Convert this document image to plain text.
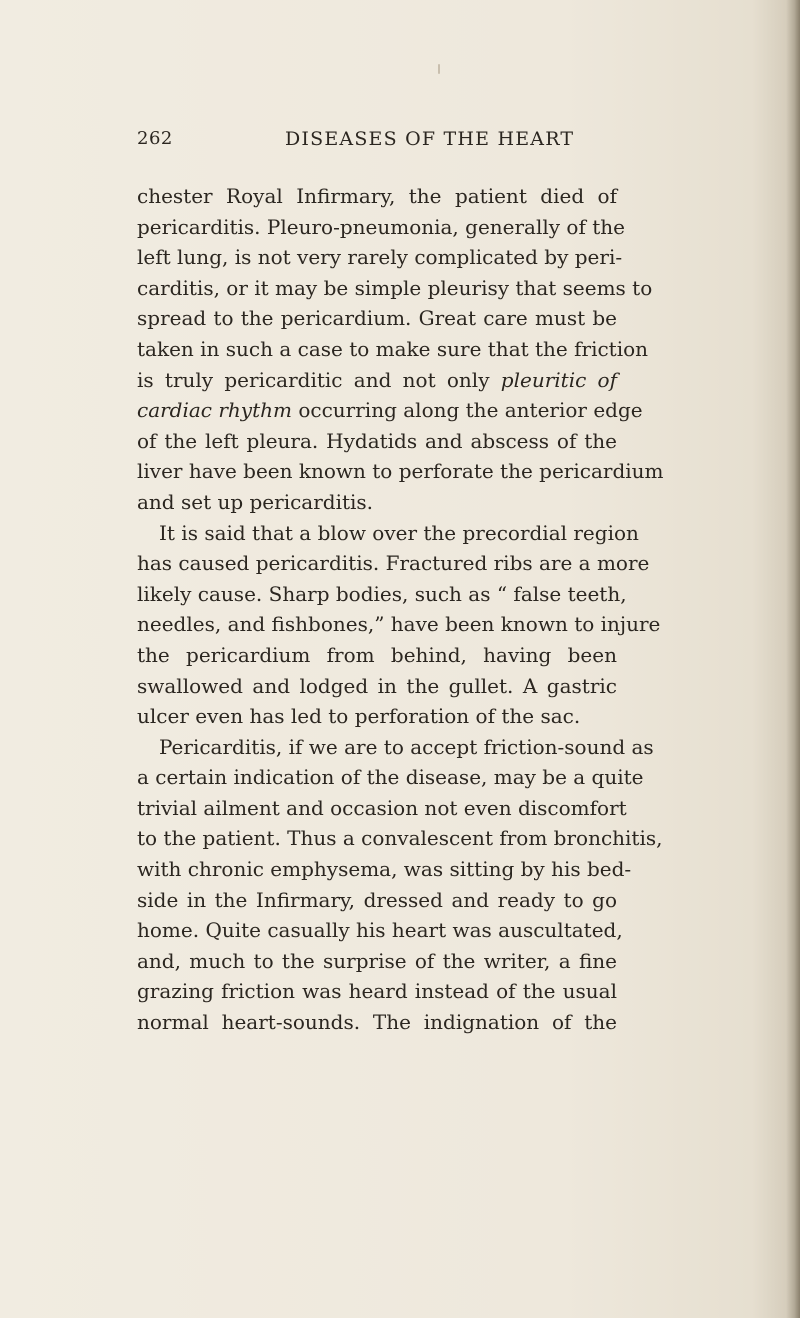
262	DISEASES OF THE HEART
chester Royal Infirmary, the patient died of
pericarditis. Pleuro-pneumonia, generally of the
left lung, is not very rarely complicated by peri-
carditis, or it may be simple pleurisy that seems to
spread to the pericardium. Great care must be
taken in such a case to make sure that the friction
is truly pericarditic and not only pleuritic of
cardiac rhythm occurring along the anterior edge
of the left pleura. Hydatids and abscess of the
liver have been known to perforate the pericardium
and set up pericarditis.
It is said that a blow over the precordial region
has caused pericarditis. Fractured ribs are a more
likely cause. Sharp bodies, such as “ false teeth,
needles, and fishbones,” have been known to injure
the pericardium from behind, having been
swallowed and lodged in the gullet. A gastric
ulcer even has led to perforation of the sac.
Pericarditis, if we are to accept friction-sound as
a certain indication of the disease, may be a quite
trivial ailment and occasion not even discomfort
to the patient. Thus a convalescent from bronchitis,
with chronic emphysema, was sitting by his bed-
side in the Infirmary, dressed and ready to go
home. Quite casually his heart was auscultated,
and, much to the surprise of the writer, a fine
grazing friction was heard instead of the usual
normal heart-sounds. The indignation of the
